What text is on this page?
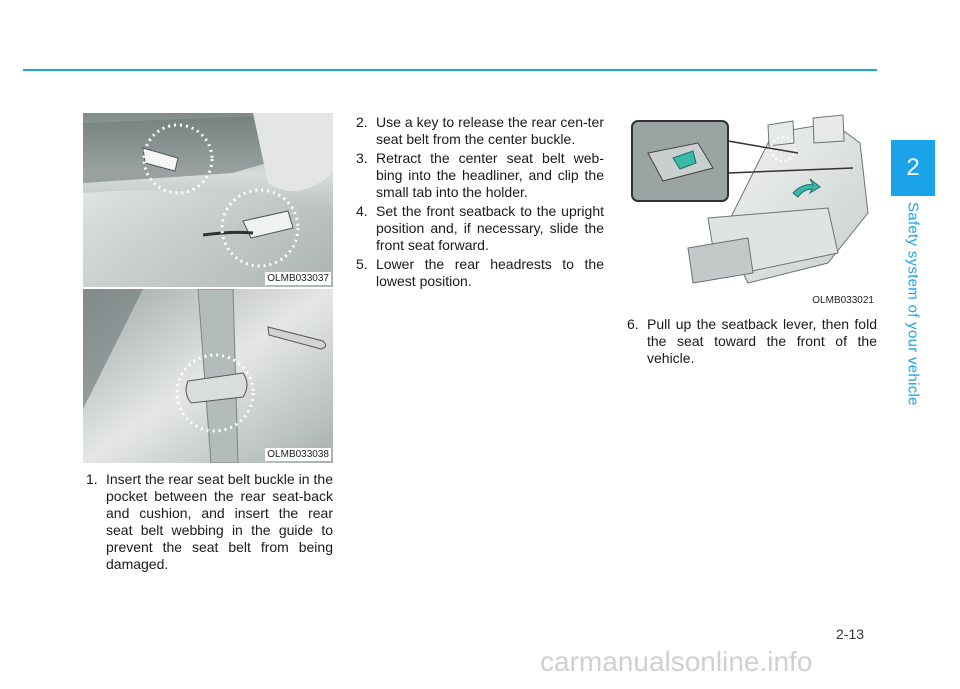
2
Safety system of your vehicle
OLMB033037
OLMB033038
1. Insert the rear seat belt buckle in the pocket between the rear seat-back and cushion, and insert the rear seat belt webbing in the guide to prevent the seat belt from being damaged.
2. Use a key to release the rear cen-ter seat belt from the center buckle.
3. Retract the center seat belt web-bing into the headliner, and clip the small tab into the holder.
4. Set the front seatback to the upright position and, if necessary, slide the front seat forward.
5. Lower the rear headrests to the lowest position.
OLMB033021
6. Pull up the seatback lever, then fold the seat toward the front of the vehicle.
2-13
carmanualsonline.info
